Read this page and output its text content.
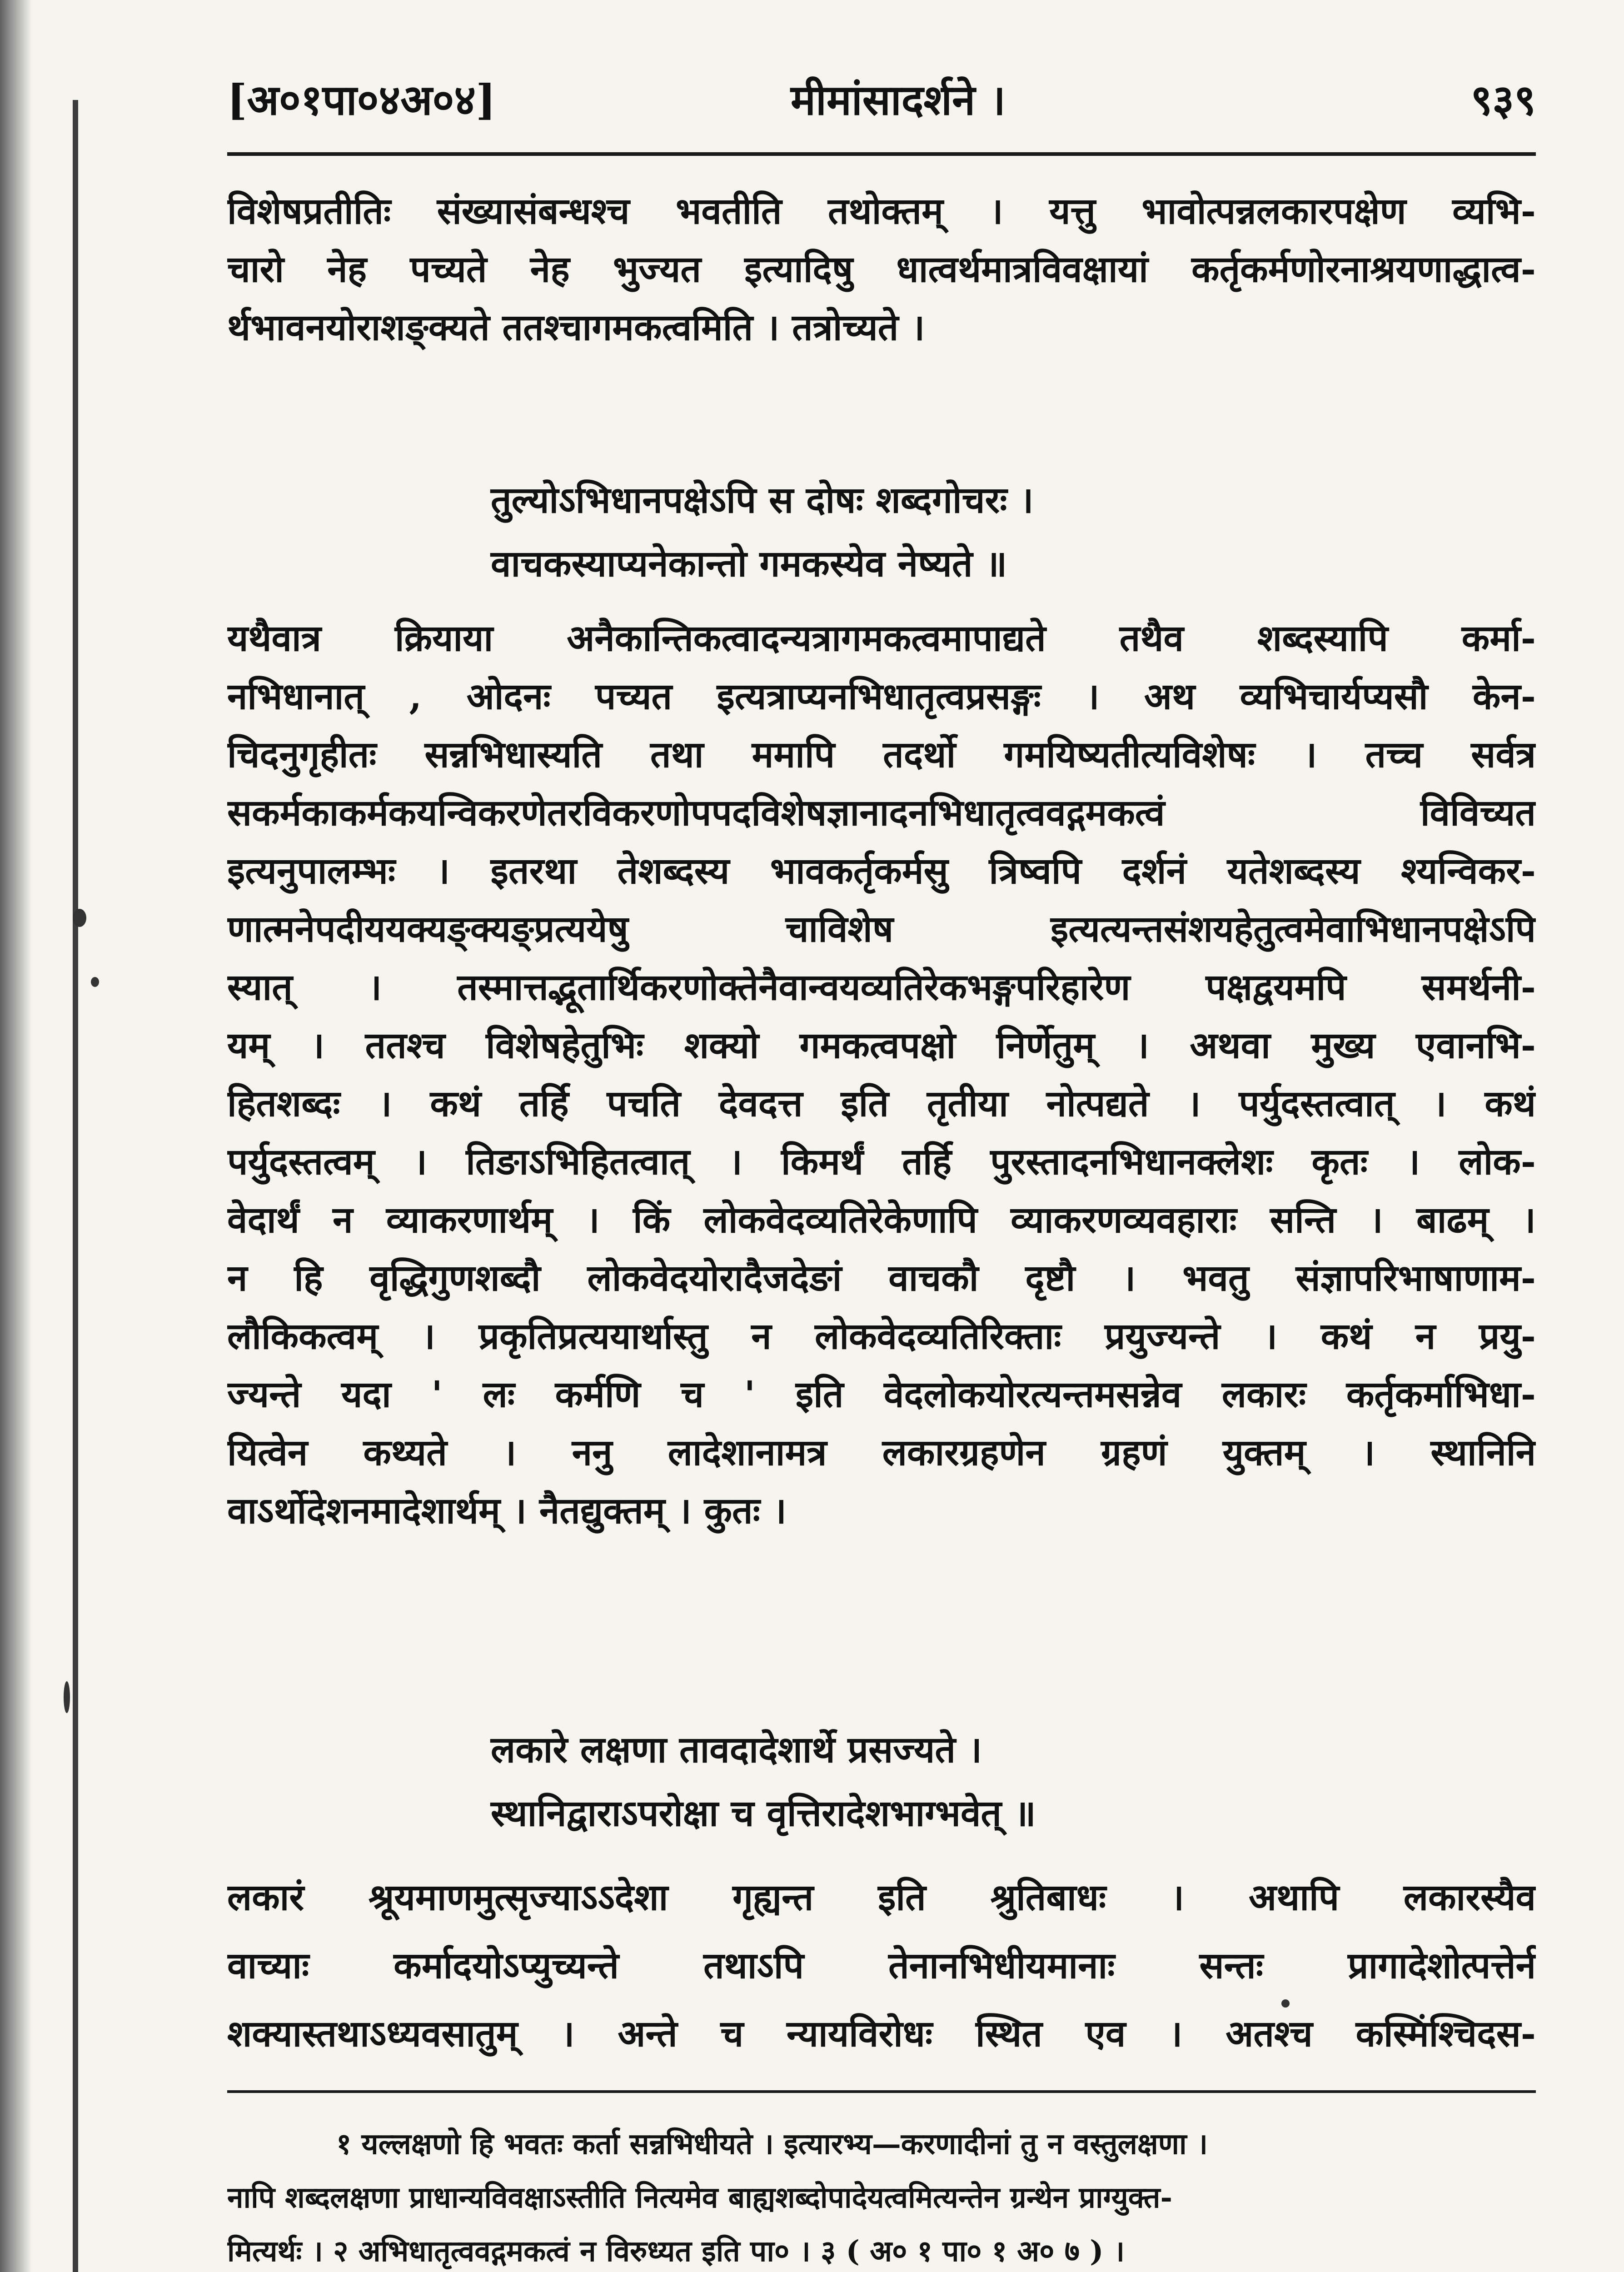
[अ०१पा०४अ०४]	मीमांसादर्शने ।	९३९
विशेषप्रतीतिः संख्यासंबन्धश्च भवतीति तथोक्तम् । यत्तु भावोत्पन्नलकारपक्षेण व्यभि-
चारो नेह पच्यते नेह भुज्यत इत्यादिषु धात्वर्थमात्रविवक्षायां कर्तृकर्मणोरनाश्रयणाद्धात्व-
र्थभावनयोराशङ्क्यते ततश्चागमकत्वमिति । तत्रोच्यते ।
तुल्योऽभिधानपक्षेऽपि स दोषः शब्दगोचरः ।
वाचकस्याप्यनेकान्तो गमकस्येव नेष्यते ॥
यथैवात्र क्रियाया अनैकान्तिकत्वादन्यत्रागमकत्वमापाद्यते तथैव शब्दस्यापि कर्मा-
नभिधानात् , ओदनः पच्यत इत्यत्राप्यनभिधातृत्वप्रसङ्गः । अथ व्यभिचार्यप्यसौ केन-
चिदनुगृहीतः सन्नभिधास्यति तथा ममापि तदर्थो गमयिष्यतीत्यविशेषः । तच्च सर्वत्र
सकर्मकाकर्मकयन्विकरणेतरविकरणोपपदविशेषज्ञानादनभिधातृत्ववद्गमकत्वं विविच्यत
इत्यनुपालम्भः । इतरथा तेशब्दस्य भावकर्तृकर्मसु त्रिष्वपि दर्शनं यतेशब्दस्य श्यन्विकर-
णात्मनेपदीययक्यङ्क्यङ्प्रत्ययेषु चाविशेष इत्यत्यन्तसंशयहेतुत्वमेवाभिधानपक्षेऽपि
स्यात् । तस्मात्तद्भूतार्थिकरणोक्तेनैवान्वयव्यतिरेकभङ्गपरिहारेण पक्षद्वयमपि समर्थनी-
यम् । ततश्च विशेषहेतुभिः शक्यो गमकत्वपक्षो निर्णेतुम् । अथवा मुख्य एवानभि-
हितशब्दः । कथं तर्हि पचति देवदत्त इति तृतीया नोत्पद्यते । पर्युदस्तत्वात् । कथं
पर्युदस्तत्वम् । तिङाऽभिहितत्वात् । किमर्थं तर्हि पुरस्तादनभिधानक्लेशः कृतः । लोक-
वेदार्थं न व्याकरणार्थम् । किं लोकवेदव्यतिरेकेणापि व्याकरणव्यवहाराः सन्ति । बाढम् ।
न हि वृद्धिगुणशब्दौ लोकवेदयोरादैजदेङां वाचकौ दृष्टौ । भवतु संज्ञापरिभाषाणाम-
लौकिकत्वम् । प्रकृतिप्रत्ययार्थास्तु न लोकवेदव्यतिरिक्ताः प्रयुज्यन्ते । कथं न प्रयु-
ज्यन्ते यदा ' लः कर्मणि च ' इति वेदलोकयोरत्यन्तमसन्नेव लकारः कर्तृकर्माभिधा-
यित्वेन कथ्यते । ननु लादेशानामत्र लकारग्रहणेन ग्रहणं युक्तम् । स्थानिनि
वाऽर्थोदेशनमादेशार्थम् । नैतद्युक्तम् । कुतः ।
लकारे लक्षणा तावदादेशार्थे प्रसज्यते ।
स्थानिद्वाराऽपरोक्षा च वृत्तिरादेशभाग्भवेत् ॥
लकारं श्रूयमाणमुत्सृज्याऽऽदेशा गृह्यन्त इति श्रुतिबाधः । अथापि लकारस्यैव
वाच्याः कर्मादयोऽप्युच्यन्ते तथाऽपि तेनानभिधीयमानाः सन्तः प्रागादेशोत्पत्तेर्न
शक्यास्तथाऽध्यवसातुम् । अन्ते च न्यायविरोधः स्थित एव । अतश्च कस्मिंश्चिदस-
१ यल्लक्षणो हि भवतः कर्ता सन्नभिधीयते । इत्यारभ्य—करणादीनां तु न वस्तुलक्षणा ।
नापि शब्दलक्षणा प्राधान्यविवक्षाऽस्तीति नित्यमेव बाह्यशब्दोपादेयत्वमित्यन्तेन ग्रन्थेन प्राग्युक्त-
मित्यर्थः । २ अभिधातृत्ववद्गमकत्वं न विरुध्यत इति पा० । ३ ( अ० १ पा० १ अ० ७ ) ।
